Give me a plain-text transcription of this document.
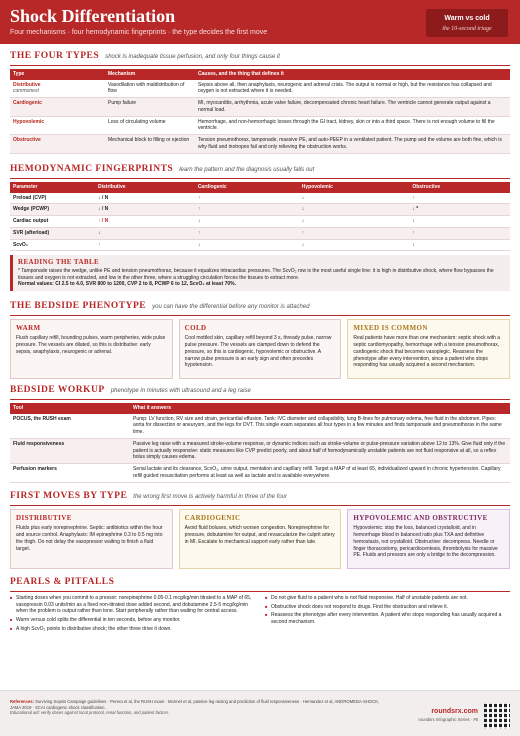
Shock Differentiation
Four mechanisms · four hemodynamic fingerprints · the type decides the first move
Warm vs cold
the 10-second triage
THE FOUR TYPES shock is inadequate tissue perfusion, and only four things cause it
Type	Mechanism	Causes, and the thing that defines it
Distributive
commonest	Vasodilation with maldistribution of flow	Sepsis above all, then anaphylaxis, neurogenic and adrenal crisis. The output is normal or high, but the resistance has collapsed and oxygen is not extracted where it is needed.
Cardiogenic	Pump failure	MI, myocarditis, arrhythmia, acute valve failure, decompensated chronic heart failure. The ventricle cannot generate output against a normal load.
Hypovolemic	Loss of circulating volume	Hemorrhage, and non-hemorrhagic losses through the GI tract, kidney, skin or into a third space. There is not enough volume to fill the ventricle.
Obstructive	Mechanical block to filling or ejection	Tension pneumothorax, tamponade, massive PE, and auto-PEEP in a ventilated patient. The pump and the volume are both fine, which is why fluid and inotropes fail and only relieving the obstruction works.
HEMODYNAMIC FINGERPRINTS learn the pattern and the diagnosis usually falls out
Parameter	Distributive	Cardiogenic	Hypovolemic	Obstructive
Preload (CVP)	↓ / N	↑	↓	↑
Wedge (PCWP)	↓ / N	↑	↓	↓ *
Cardiac output	↑ / N	↓	↓	↓
SVR (afterload)	↓	↑	↑	↑
ScvO₂	↑	↓	↓	↓
READING THE TABLE
* Tamponade raises the wedge, unlike PE and tension pneumothorax, because it equalizes intracardiac pressures. The ScvO₂ row is the most useful single line: it is high in distributive shock, where flow bypasses the tissues and oxygen is not extracted, and low in the other three, where a struggling circulation forces the tissues to extract more.
Normal values: CI 2.5 to 4.0, SVR 800 to 1200, CVP 2 to 8, PCWP 6 to 12, ScvO₂ at least 70%.
THE BEDSIDE PHENOTYPE you can have the differential before any monitor is attached
WARM
Flush capillary refill, bounding pulses, warm peripheries, wide pulse pressure. The vessels are dilated, so this is distributive: early sepsis, anaphylaxis, neurogenic or adrenal.
COLD
Cool mottled skin, capillary refill beyond 3 s, thready pulse, narrow pulse pressure. The vessels are clamped down to defend the pressure, so this is cardiogenic, hypovolemic or obstructive. A narrow pulse pressure is an early sign and often precedes hypotension.
MIXED IS COMMON
Real patients have more than one mechanism: septic shock with a septic cardiomyopathy, hemorrhage with a tension pneumothorax, cardiogenic shock that becomes vasoplegic. Reassess the phenotype after every intervention, since a patient who stops responding has usually acquired a second mechanism.
BEDSIDE WORKUP phenotype in minutes with ultrasound and a leg raise
Tool	What it answers
POCUS, the RUSH exam	Pump: LV function, RV size and strain, pericardial effusion. Tank: IVC diameter and collapsibility, lung B-lines for pulmonary edema, free fluid in the abdomen. Pipes: aorta for dissection or aneurysm, and the legs for DVT. This single exam separates all four types in a few minutes and finds tamponade and pneumothorax in the same time.
Fluid responsiveness	Passive leg raise with a measured stroke-volume response, or dynamic indices such as stroke-volume or pulse-pressure variation above 12 to 13%. Give fluid only if the patient is actually responsive: static measures like CVP predict poorly, and about half of hemodynamically unstable patients are not fluid responsive at all, so a reflex bolus simply causes edema.
Perfusion markers	Serial lactate and its clearance, ScvO₂, urine output, mentation and capillary refill. Target a MAP of at least 65, individualized upward in chronic hypertension. Capillary refill guided resuscitation performs at least as well as lactate and is available everywhere.
FIRST MOVES BY TYPE the wrong first move is actively harmful in three of the four
DISTRIBUTIVE
Fluids plus early norepinephrine. Septic: antibiotics within the hour and source control. Anaphylaxis: IM epinephrine 0.3 to 0.5 mg into the thigh. Do not delay the vasopressor waiting to finish a fluid target.
CARDIOGENIC
Avoid fluid boluses, which worsen congestion. Norepinephrine for pressure, dobutamine for output, and revascularize the culprit artery in MI. Escalate to mechanical support early rather than late.
HYPOVOLEMIC AND OBSTRUCTIVE
Hypovolemic: stop the loss, balanced crystalloid, and in hemorrhage blood in balanced ratio plus TXA and definitive hemostasis, not crystalloid. Obstructive: decompress. Needle or finger thoracostomy, pericardiocentesis, thrombolysis for massive PE. Fluids and pressors are only a bridge to the decompression.
PEARLS & PITFALLS
■ Starting doses when you commit to a pressor: norepinephrine 0.05-0.1 mcg/kg/min titrated to a MAP of 65, vasopressin 0.03 units/min as a fixed non-titrated dose added second, and dobutamine 2.5-5 mcg/kg/min when the problem is output rather than tone. Start peripherally rather than waiting for central access.
■ Warm versus cold splits the differential in ten seconds, before any monitor.
■ A high ScvO₂ points to distributive shock; the other three drive it down.
■ Do not give fluid to a patient who is not fluid responsive. Half of unstable patients are not.
■ Obstructive shock does not respond to drugs. Find the obstruction and relieve it.
■ Reassess the phenotype after every intervention. A patient who stops responding has usually acquired a second mechanism.
References: Surviving Sepsis Campaign guidelines · Perera et al, the RUSH exam · Monnet et al, passive leg raising and prediction of fluid responsiveness · Hernandez et al, ANDROMEDA-SHOCK, JAMA 2019 · SCAI cardiogenic shock classification.
Educational aid: verify doses against local protocol, renal function, and patient factors.	roundsrx.com
roundsrx Infographic Series · #8
